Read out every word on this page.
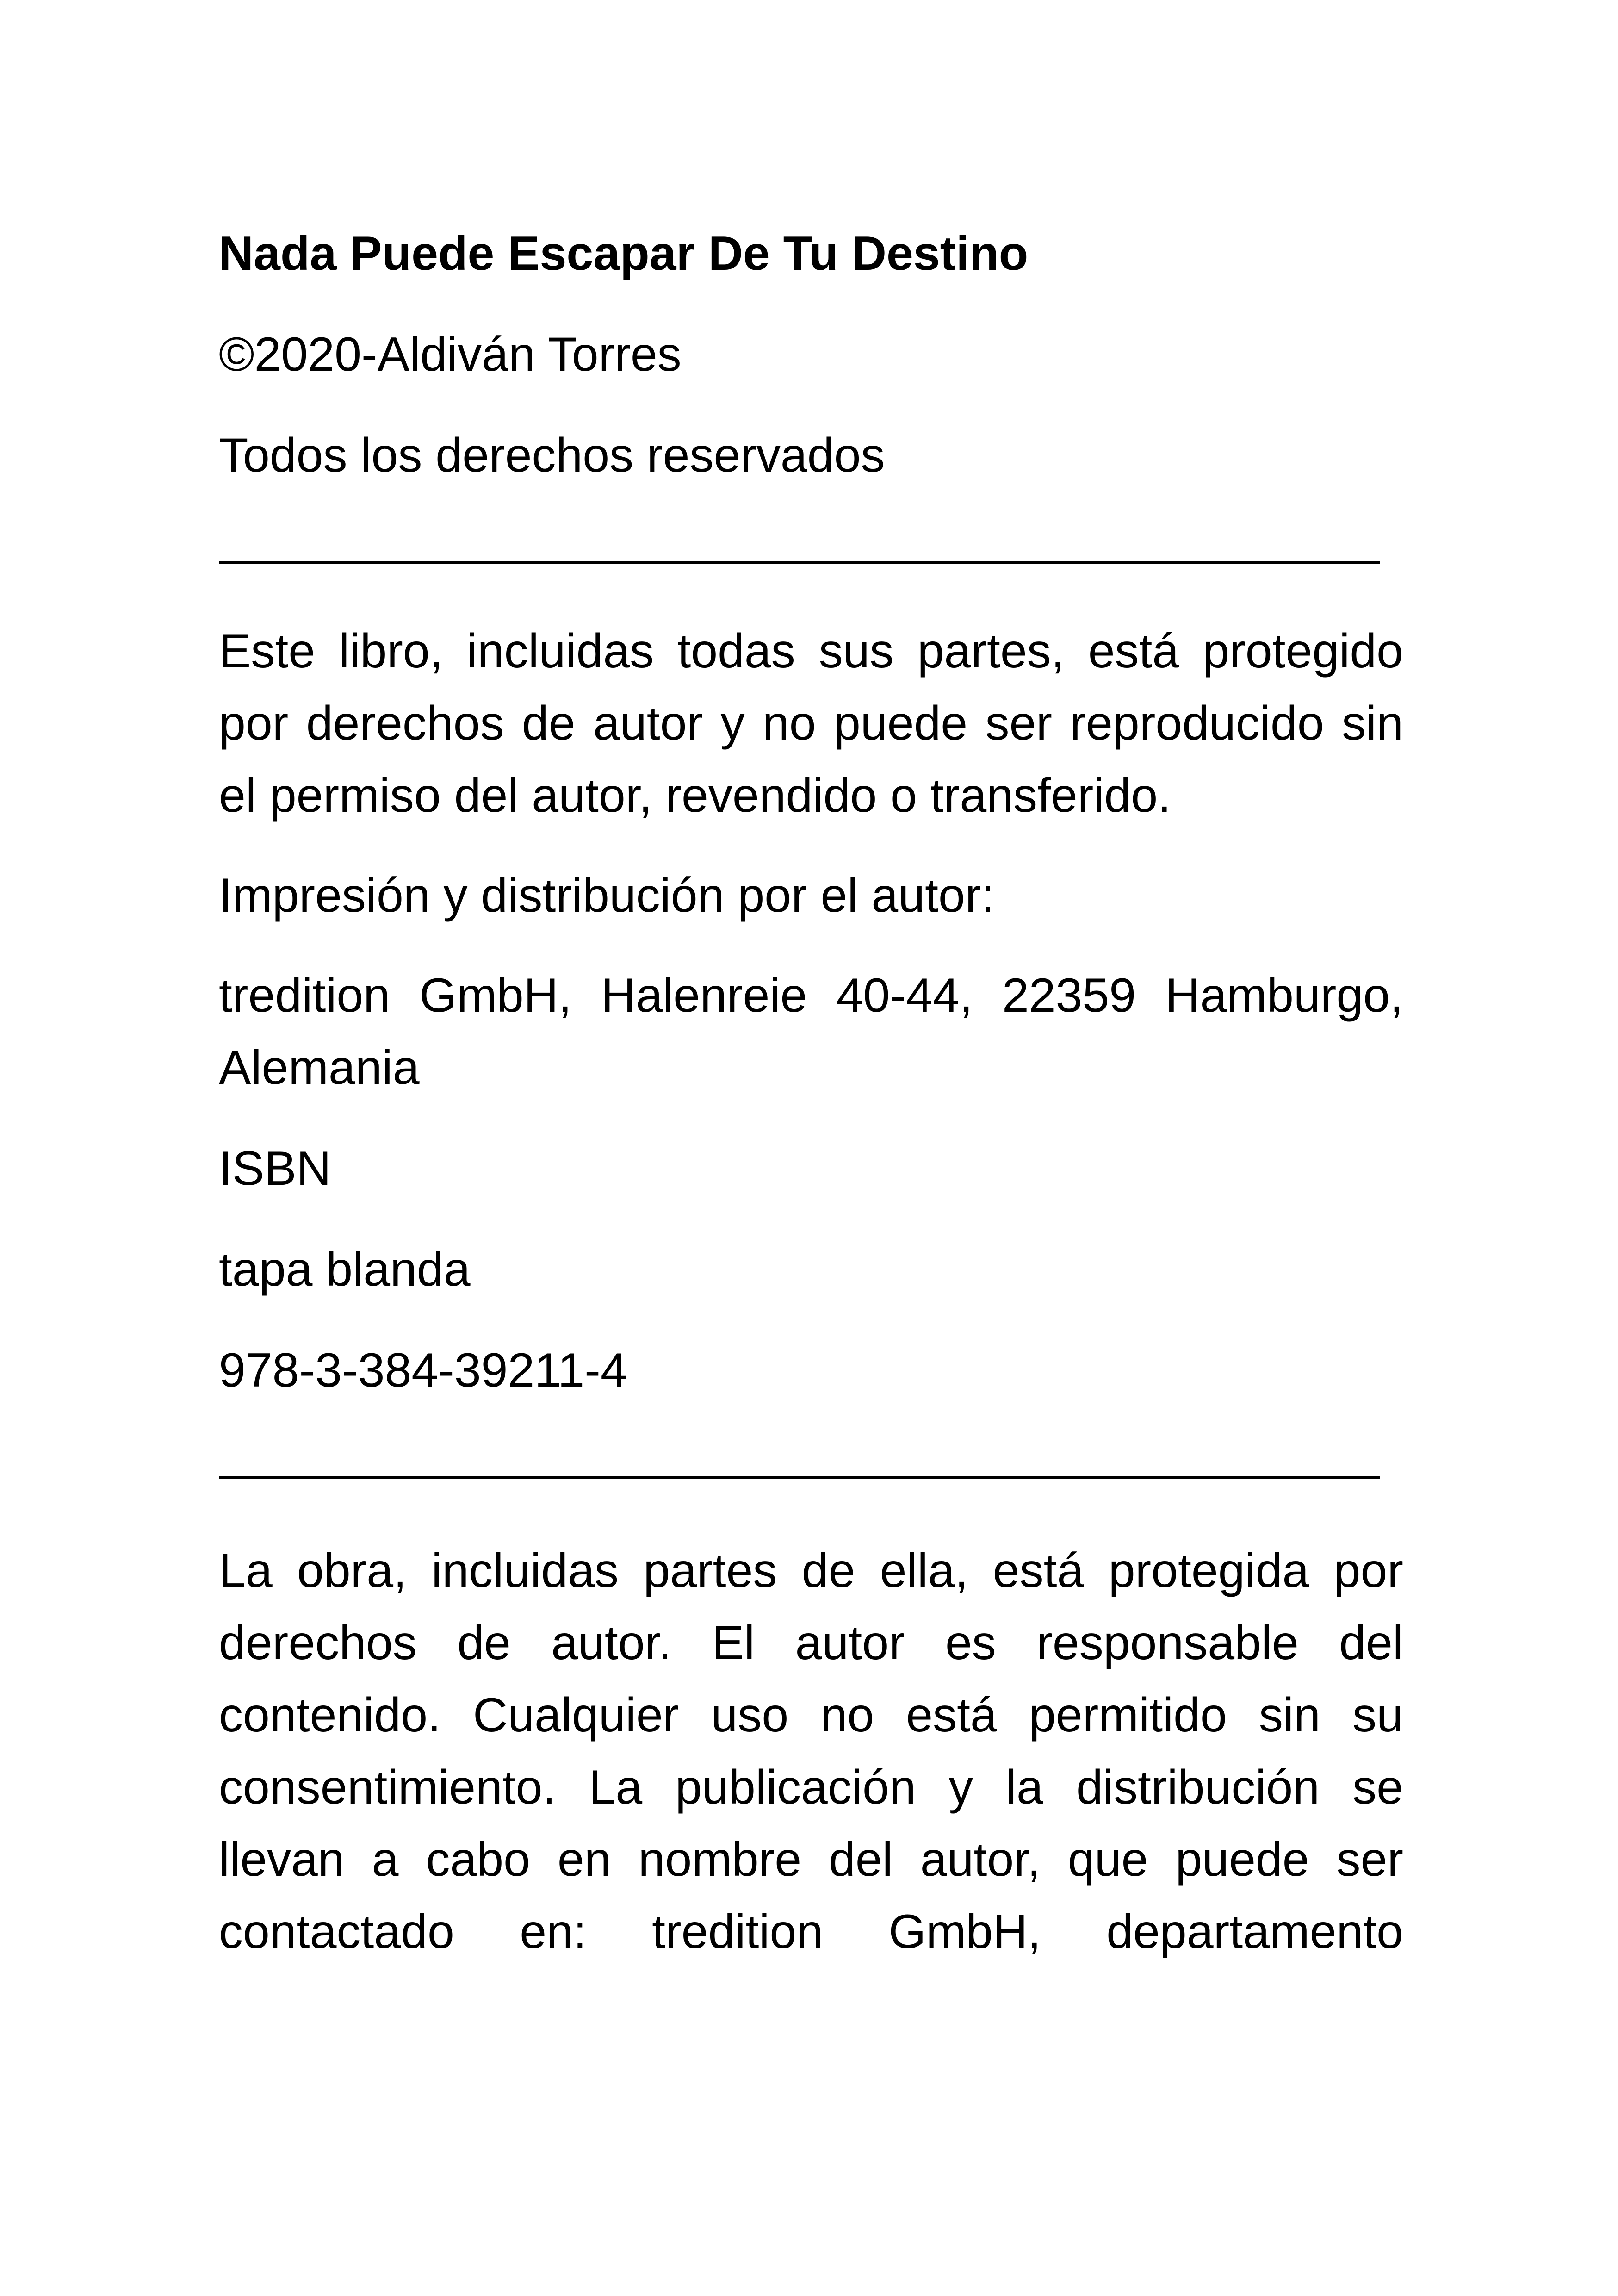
Nada Puede Escapar De Tu Destino

©2020-Aldiván Torres

Todos los derechos reservados

Este libro, incluidas todas sus partes, está protegido por derechos de autor y no puede ser reproducido sin el permiso del autor, revendido o transferido.

Impresión y distribución por el autor:

tredition GmbH, Halenreie 40-44, 22359 Hamburgo, Alemania

ISBN

tapa blanda

978-3-384-39211-4

La obra, incluidas partes de ella, está protegida por derechos de autor. El autor es responsable del contenido. Cualquier uso no está permitido sin su consentimiento. La publicación y la distribución se llevan a cabo en nombre del autor, que puede ser contactado en: tredition GmbH, departamento
